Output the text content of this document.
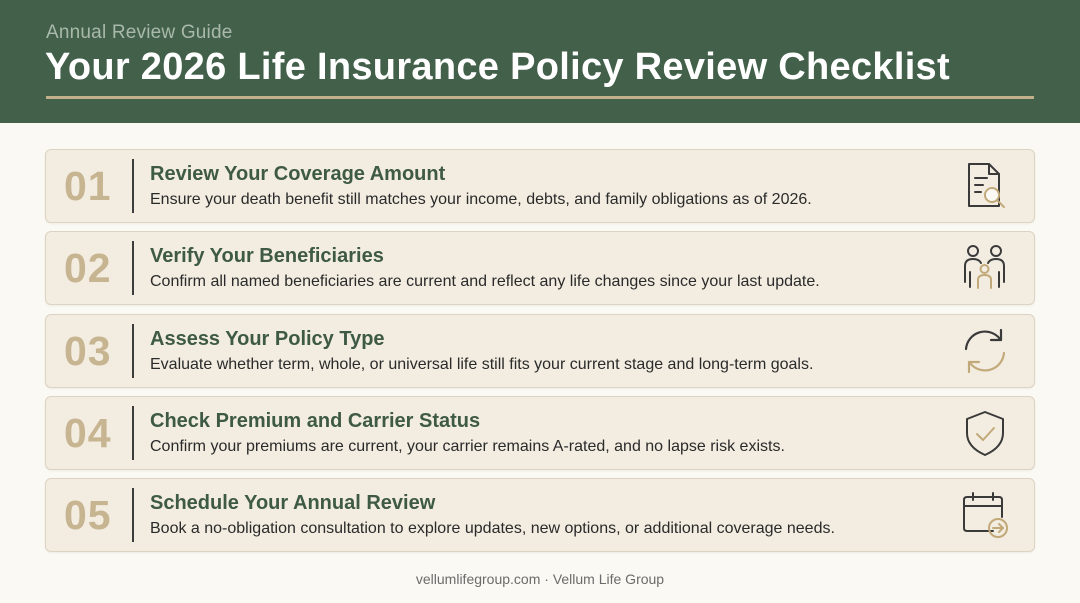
Annual Review Guide
Your 2026 Life Insurance Policy Review Checklist
01	Review Your Coverage Amount
Ensure your death benefit still matches your income, debts, and family obligations as of 2026.
02	Verify Your Beneficiaries
Confirm all named beneficiaries are current and reflect any life changes since your last update.
03	Assess Your Policy Type
Evaluate whether term, whole, or universal life still fits your current stage and long-term goals.
04	Check Premium and Carrier Status
Confirm your premiums are current, your carrier remains A-rated, and no lapse risk exists.
05	Schedule Your Annual Review
Book a no-obligation consultation to explore updates, new options, or additional coverage needs.
vellumlifegroup.com · Vellum Life Group
